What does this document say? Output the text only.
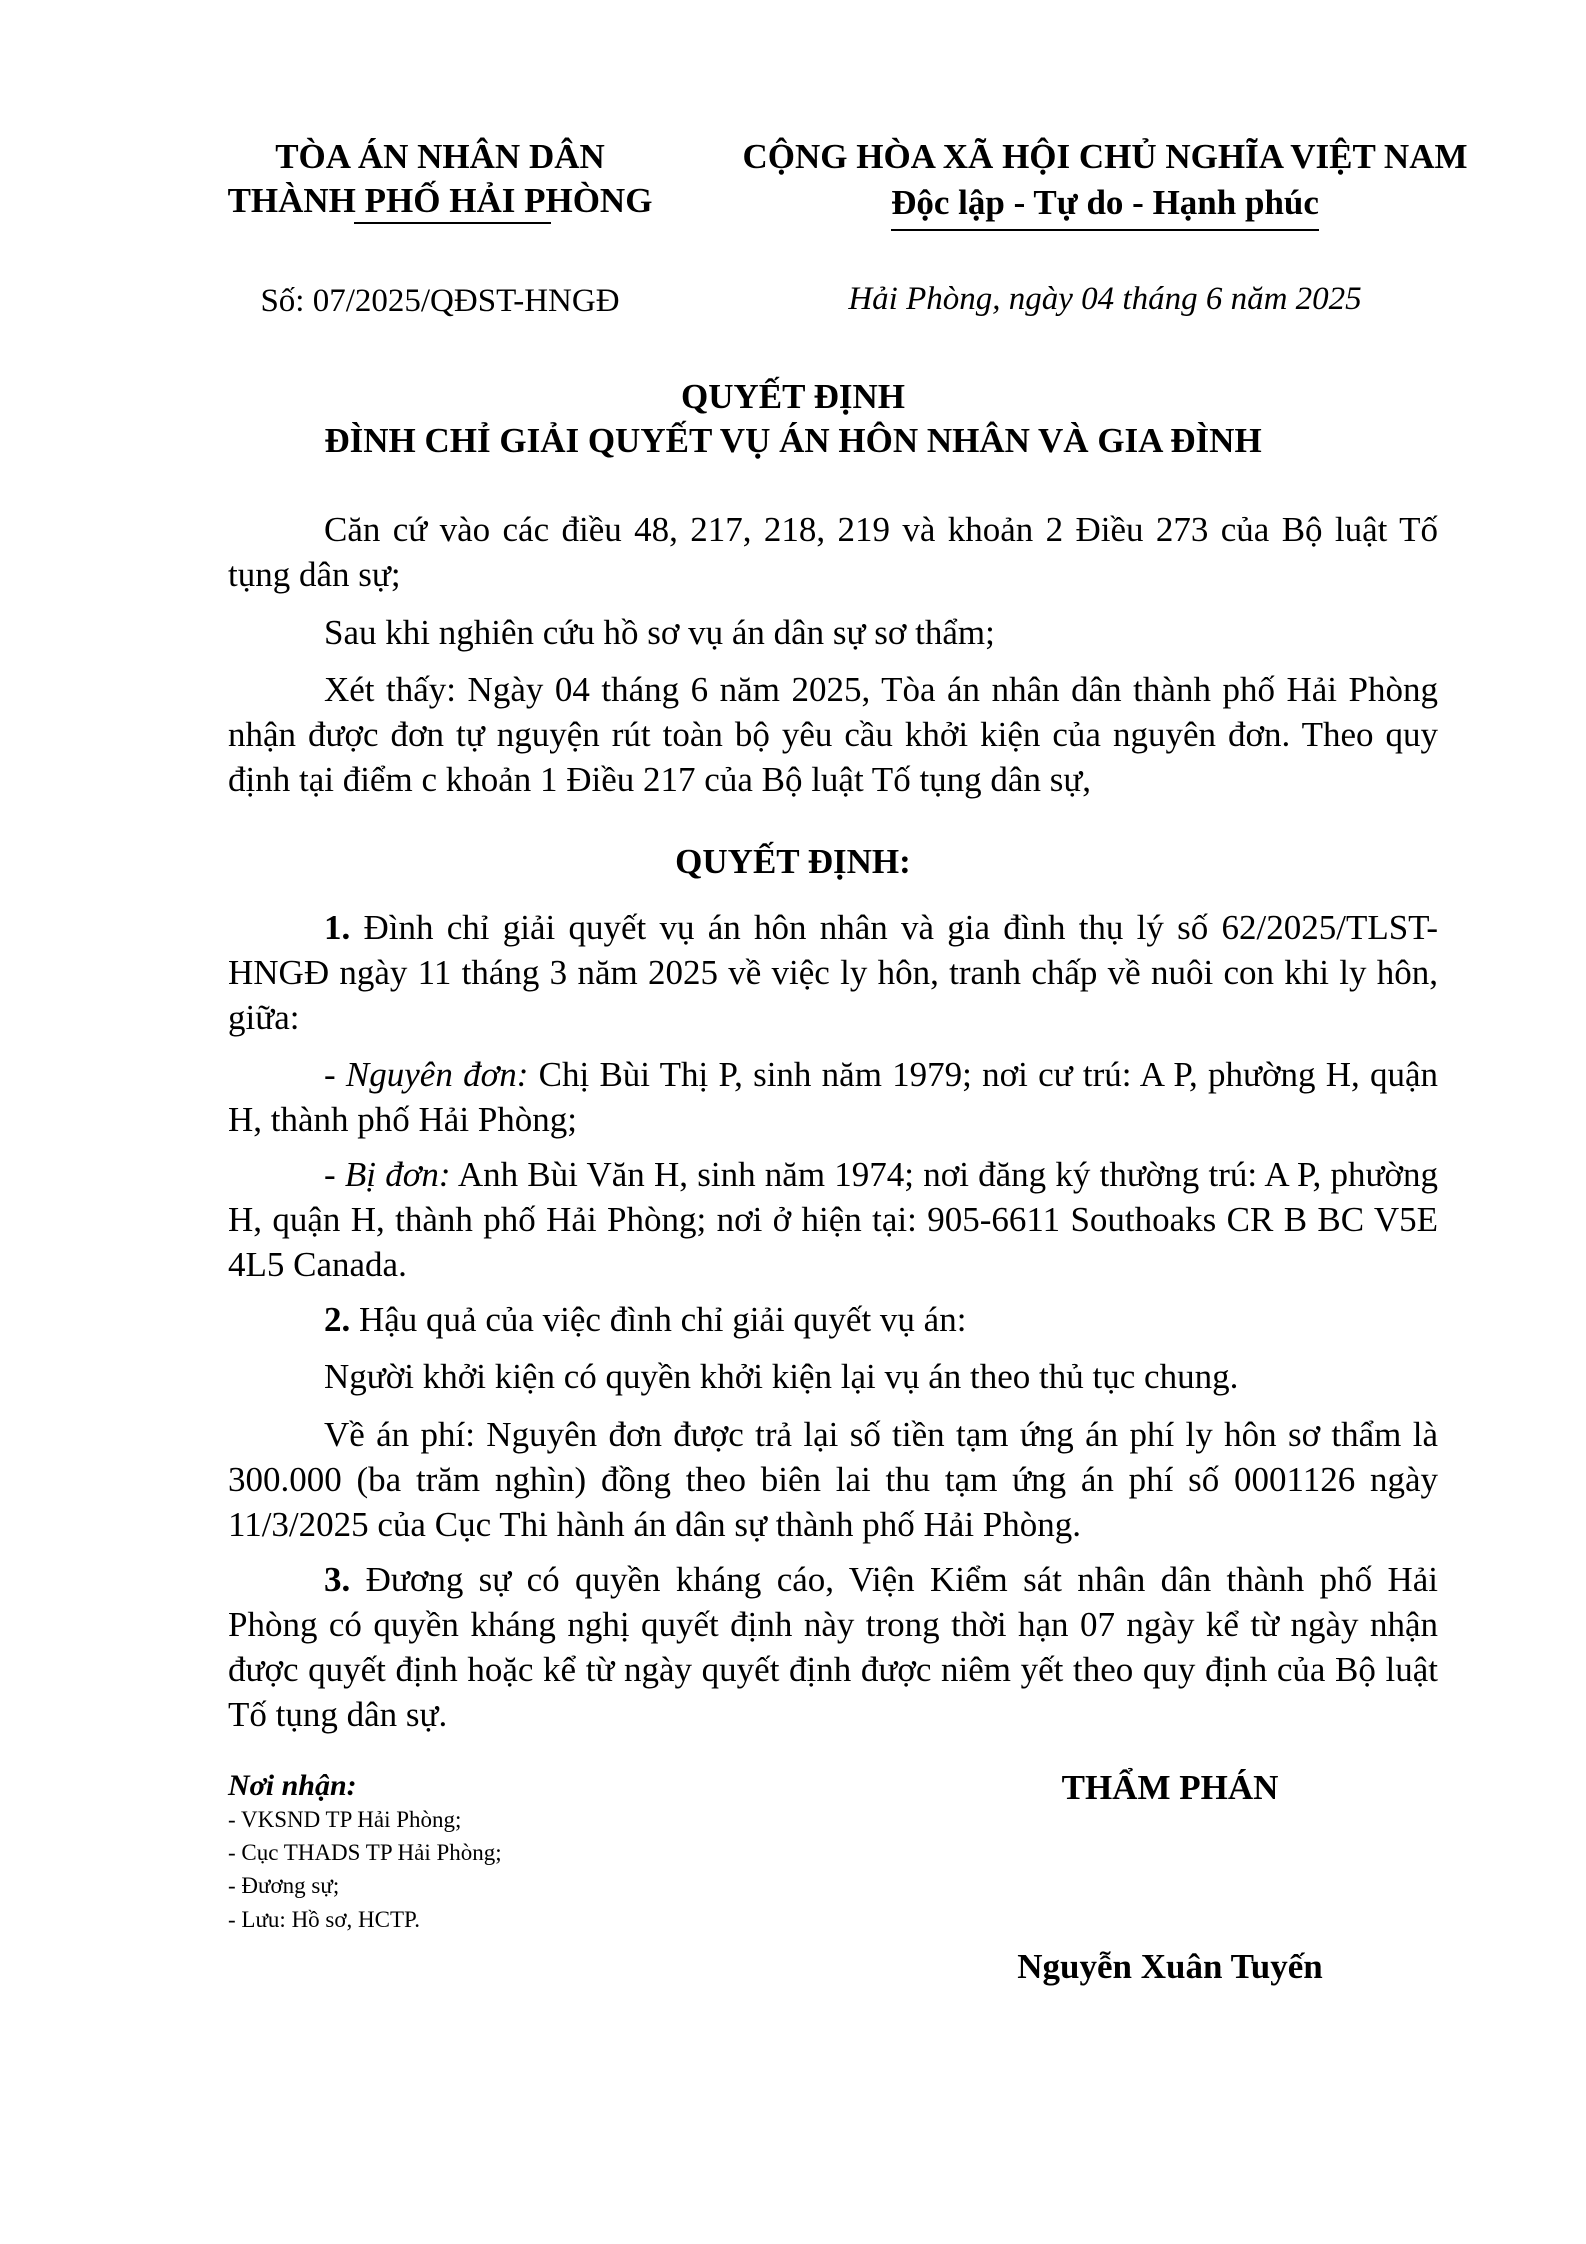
TÒA ÁN NHÂN DÂN
THÀNH PHỐ HẢI PHÒNG
CỘNG HÒA XÃ HỘI CHỦ NGHĨA VIỆT NAM
Độc lập - Tự do - Hạnh phúc
Số: 07/2025/QĐST-HNGĐ	Hải Phòng, ngày 04 tháng 6 năm 2025
QUYẾT ĐỊNH
ĐÌNH CHỈ GIẢI QUYẾT VỤ ÁN HÔN NHÂN VÀ GIA ĐÌNH
Căn cứ vào các điều 48, 217, 218, 219 và khoản 2 Điều 273 của Bộ luật Tố tụng dân sự;
Sau khi nghiên cứu hồ sơ vụ án dân sự sơ thẩm;
Xét thấy: Ngày 04 tháng 6 năm 2025, Tòa án nhân dân thành phố Hải Phòng nhận được đơn tự nguyện rút toàn bộ yêu cầu khởi kiện của nguyên đơn. Theo quy định tại điểm c khoản 1 Điều 217 của Bộ luật Tố tụng dân sự,
QUYẾT ĐỊNH:
1. Đình chỉ giải quyết vụ án hôn nhân và gia đình thụ lý số 62/2025/TLST-HNGĐ ngày 11 tháng 3 năm 2025 về việc ly hôn, tranh chấp về nuôi con khi ly hôn, giữa:
- Nguyên đơn: Chị Bùi Thị P, sinh năm 1979; nơi cư trú: A P, phường H, quận H, thành phố Hải Phòng;
- Bị đơn: Anh Bùi Văn H, sinh năm 1974; nơi đăng ký thường trú: A P, phường H, quận H, thành phố Hải Phòng; nơi ở hiện tại: 905-6611 Southoaks CR B BC V5E 4L5 Canada.
2. Hậu quả của việc đình chỉ giải quyết vụ án:
Người khởi kiện có quyền khởi kiện lại vụ án theo thủ tục chung.
Về án phí: Nguyên đơn được trả lại số tiền tạm ứng án phí ly hôn sơ thẩm là 300.000 (ba trăm nghìn) đồng theo biên lai thu tạm ứng án phí số 0001126 ngày 11/3/2025 của Cục Thi hành án dân sự thành phố Hải Phòng.
3. Đương sự có quyền kháng cáo, Viện Kiểm sát nhân dân thành phố Hải Phòng có quyền kháng nghị quyết định này trong thời hạn 07 ngày kể từ ngày nhận được quyết định hoặc kể từ ngày quyết định được niêm yết theo quy định của Bộ luật Tố tụng dân sự.
Nơi nhận:
- VKSND TP Hải Phòng;
- Cục THADS TP Hải Phòng;
- Đương sự;
- Lưu: Hồ sơ, HCTP.
THẨM PHÁN
Nguyễn Xuân Tuyến
